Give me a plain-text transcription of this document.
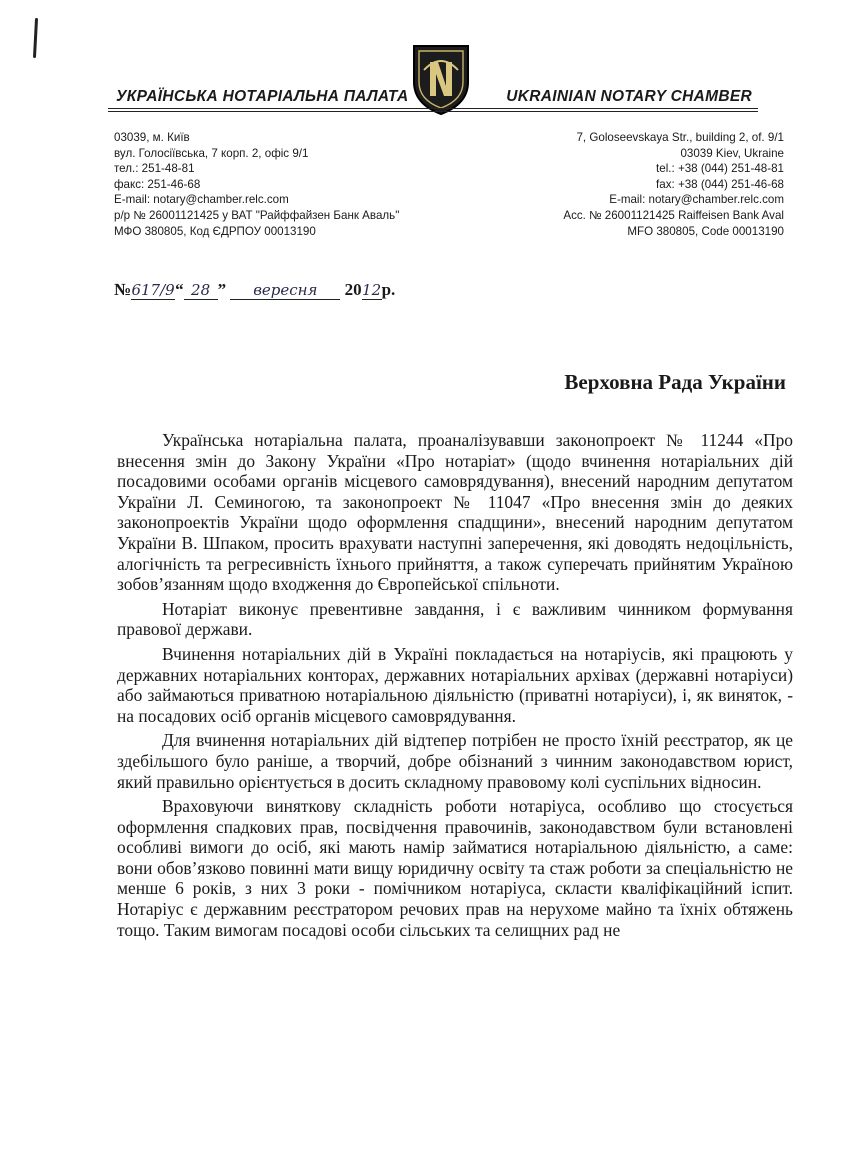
УКРАЇНСЬКА НОТАРІАЛЬНА ПАЛАТА	UKRAINIAN NOTARY CHAMBER
03039, м. Київ
вул. Голосіївська, 7 корп. 2, офіс 9/1
тел.: 251-48-81
факс: 251-46-68
E-mail: notary@chamber.relc.com
р/р № 26001121425 у ВАТ "Райффайзен Банк Аваль"
МФО 380805, Код ЄДРПОУ 00013190
7, Goloseevskaya Str., building 2, of. 9/1
03039 Kiev, Ukraine
tel.: +38 (044) 251-48-81
fax: +38 (044) 251-46-68
E-mail: notary@chamber.relc.com
Acc. № 26001121425 Raiffeisen Bank Aval
MFO 380805, Code 00013190
№617/9“ 28 ” вересня 2012р.
Верховна Рада України

Українська нотаріальна палата, проаналізувавши законопроект № 11244 «Про внесення змін до Закону України «Про нотаріат» (щодо вчинення нотаріальних дій посадовими особами органів місцевого самоврядування), внесений народним депутатом України Л. Семиногою, та законопроект № 11047 «Про внесення змін до деяких законопроектів України щодо оформлення спадщини», внесений народним депутатом України В. Шпаком, просить врахувати наступні заперечення, які доводять недоцільність, алогічність та регресивність їхнього прийняття, а також суперечать прийнятим Україною зобов’язанням щодо входження до Європейської спільноти.

Нотаріат виконує превентивне завдання, і є важливим чинником формування правової держави.

Вчинення нотаріальних дій в Україні покладається на нотаріусів, які працюють у державних нотаріальних конторах, державних нотаріальних архівах (державні нотаріуси) або займаються приватною нотаріальною діяльністю (приватні нотаріуси), і, як виняток, - на посадових осіб органів місцевого самоврядування.

Для вчинення нотаріальних дій відтепер потрібен не просто їхній реєстратор, як це здебільшого було раніше, а творчий, добре обізнаний з чинним законодавством юрист, який правильно орієнтується в досить складному правовому колі суспільних відносин.

Враховуючи виняткову складність роботи нотаріуса, особливо що стосується оформлення спадкових прав, посвідчення правочинів, законодавством були встановлені особливі вимоги до осіб, які мають намір займатися нотаріальною діяльністю, а саме: вони обов’язково повинні мати вищу юридичну освіту та стаж роботи за спеціальністю не менше 6 років, з них 3 роки - помічником нотаріуса, скласти кваліфікаційний іспит. Нотаріус є державним реєстратором речових прав на нерухоме майно та їхніх обтяжень тощо. Таким вимогам посадові особи сільських та селищних рад не
